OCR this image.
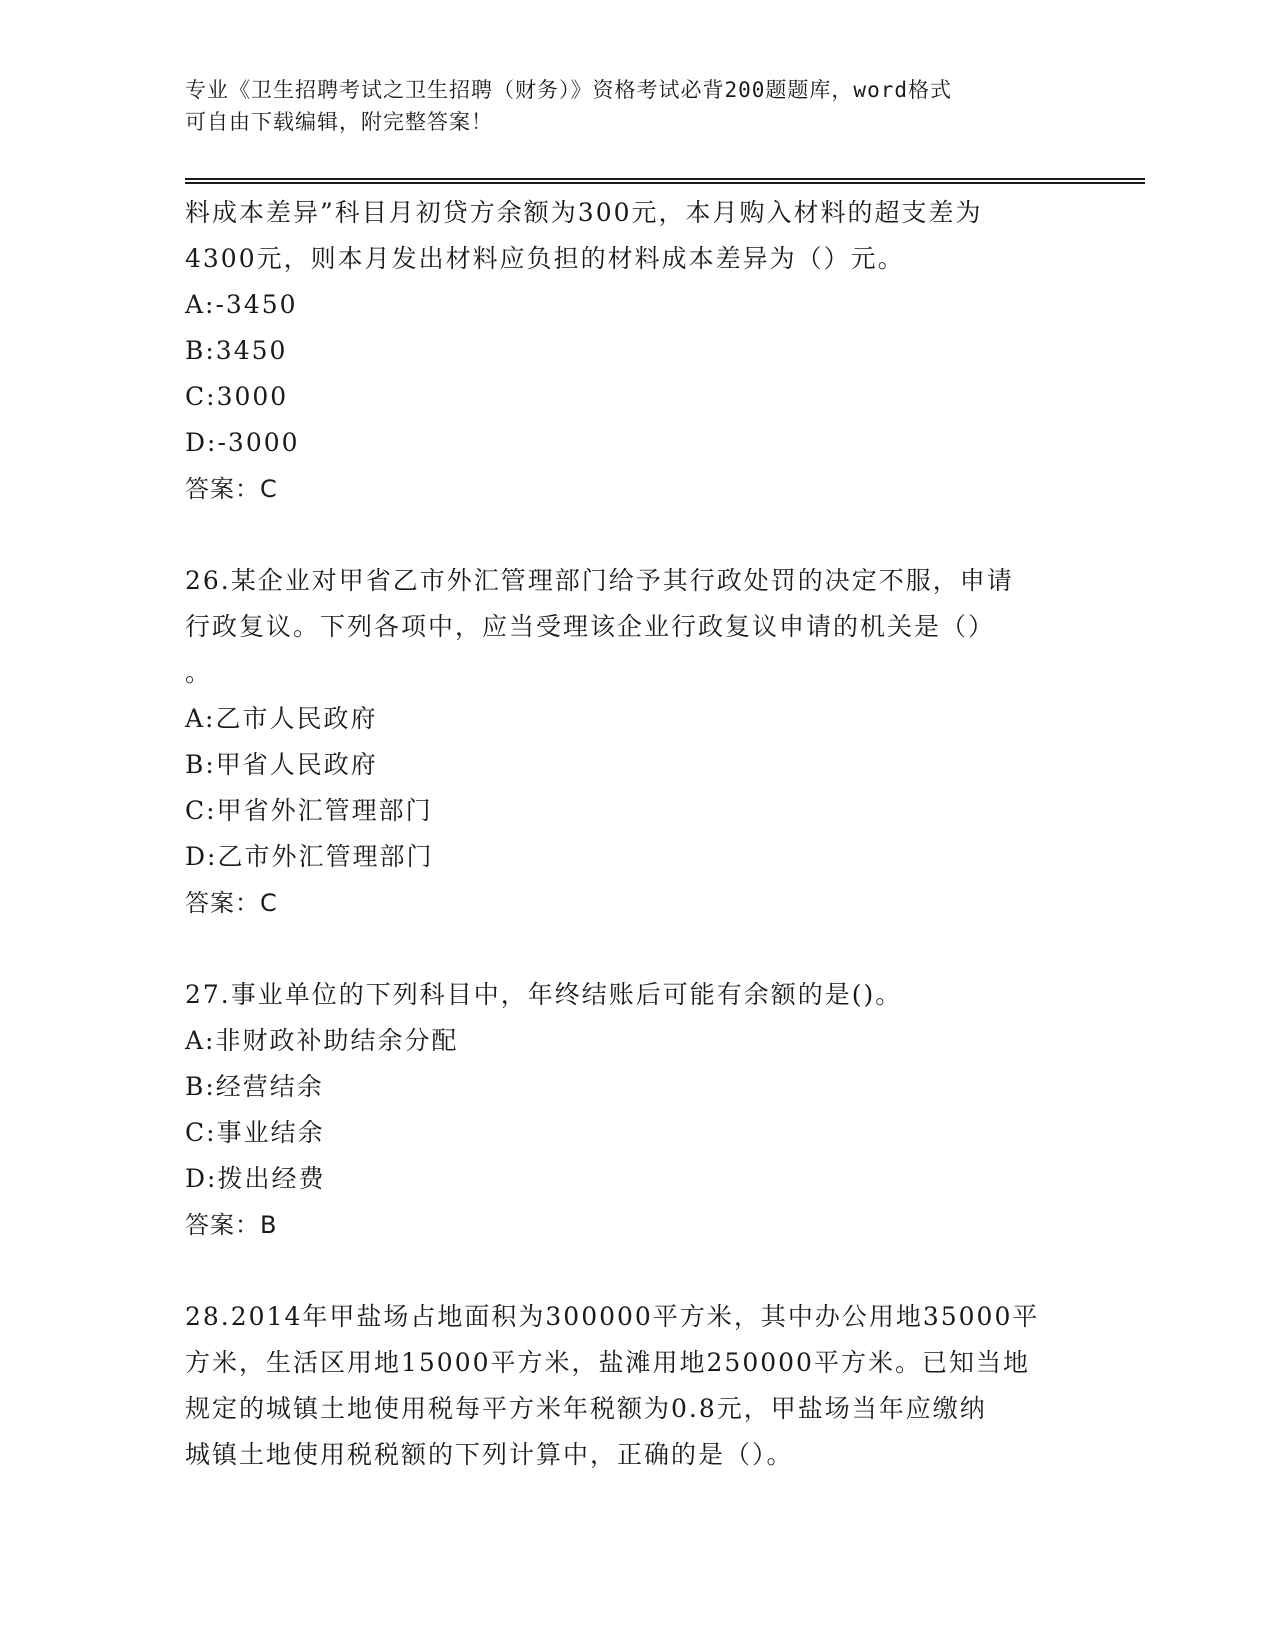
专业《卫生招聘考试之卫生招聘（财务）》资格考试必背200题题库，word格式
可自由下载编辑，附完整答案！
料成本差异”科目月初贷方余额为300元，本月购入材料的超支差为
4300元，则本月发出材料应负担的材料成本差异为（）元。
A:-3450
B:3450
C:3000
D:-3000
答案：C
26.某企业对甲省乙市外汇管理部门给予其行政处罚的决定不服，申请
行政复议。下列各项中，应当受理该企业行政复议申请的机关是（）
。
A:乙市人民政府
B:甲省人民政府
C:甲省外汇管理部门
D:乙市外汇管理部门
答案：C
27.事业单位的下列科目中，年终结账后可能有余额的是()。
A:非财政补助结余分配
B:经营结余
C:事业结余
D:拨出经费
答案：B
28.2014年甲盐场占地面积为300000平方米，其中办公用地35000平
方米，生活区用地15000平方米，盐滩用地250000平方米。已知当地
规定的城镇土地使用税每平方米年税额为0.8元，甲盐场当年应缴纳
城镇土地使用税税额的下列计算中，正确的是（）。
